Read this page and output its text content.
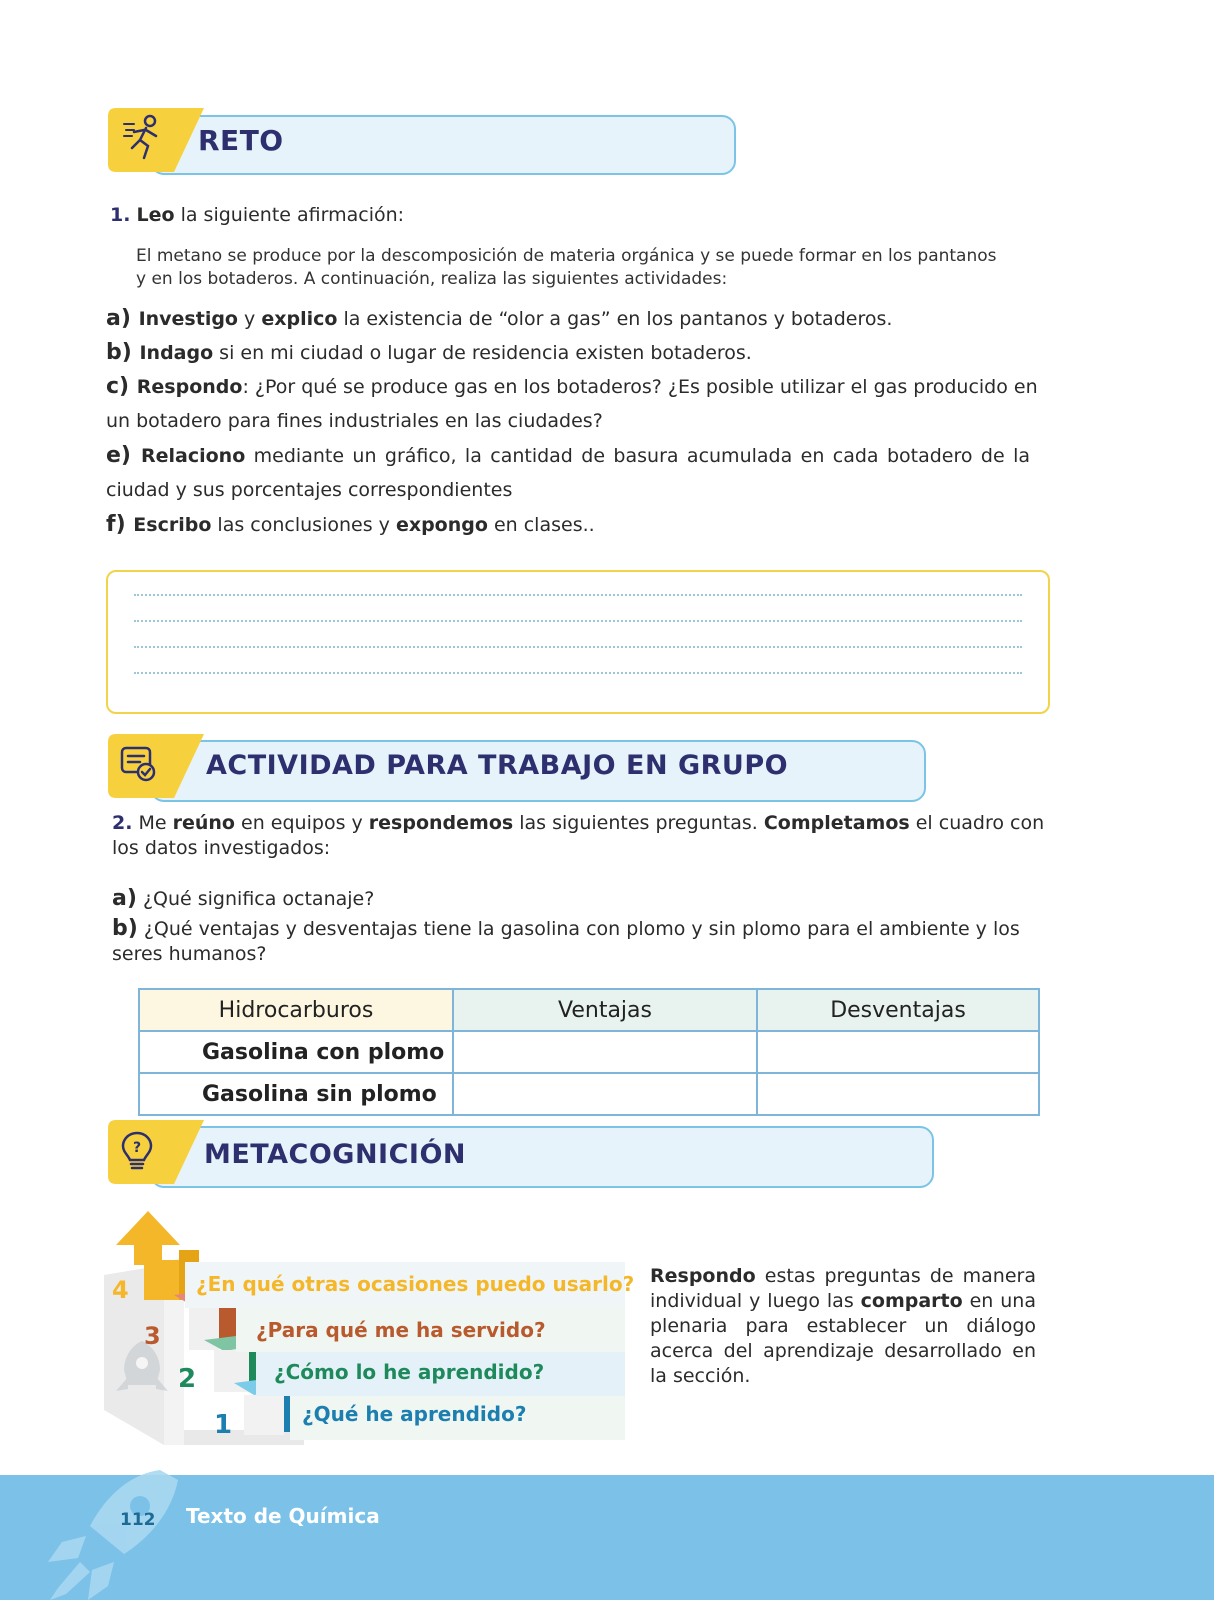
RETO
1. Leo la siguiente afirmación:
El metano se produce por la descomposición de materia orgánica y se puede formar en los pantanos
y en los botaderos. A continuación, realiza las siguientes actividades:
a) Investigo y explico la existencia de “olor a gas” en los pantanos y botaderos.
b) Indago si en mi ciudad o lugar de residencia existen botaderos.
c) Respondo: ¿Por qué se produce gas en los botaderos? ¿Es posible utilizar el gas producido en
un botadero para fines industriales en las ciudades?
e) Relaciono mediante un gráfico, la cantidad de basura acumulada en cada botadero de la
ciudad y sus porcentajes correspondientes
f) Escribo las conclusiones y expongo en clases..
ACTIVIDAD PARA TRABAJO EN GRUPO
2. Me reúno en equipos y respondemos las siguientes preguntas. Completamos el cuadro con
los datos investigados:
a) ¿Qué significa octanaje?
b) ¿Qué ventajas y desventajas tiene la gasolina con plomo y sin plomo para el ambiente y los
seres humanos?
Hidrocarburos	Ventajas	Desventajas
Gasolina con plomo		
Gasolina sin plomo		
? METACOGNICIÓN
4
3
2
1
¿En qué otras ocasiones puedo usarlo?
¿Para qué me ha servido?
¿Cómo lo he aprendido?
¿Qué he aprendido?
Respondo estas preguntas de manera individual y luego las comparto en una plenaria para establecer un diálogo acerca del aprendizaje desarrollado en la sección.
112 Texto de Química
